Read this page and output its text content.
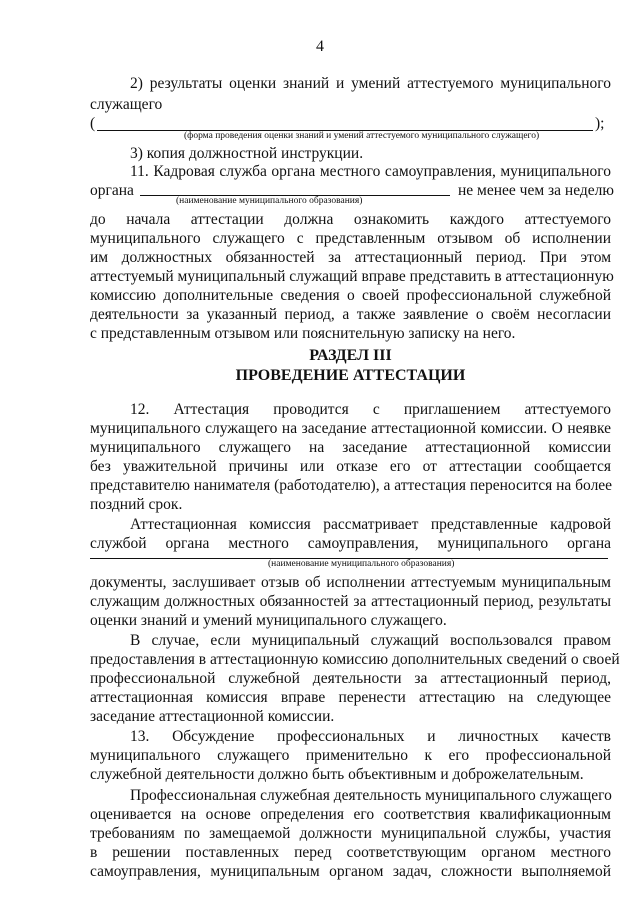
4
2) результаты оценки знаний и умений аттестуемого муниципального
служащего
(	);
(форма проведения оценки знаний и умений аттестуемого муниципального служащего)
3) копия должностной инструкции.
11. Кадровая служба органа местного самоуправления, муниципального
органа	не менее чем за неделю
(наименование муниципального образования)
до начала аттестации должна ознакомить каждого аттестуемого
муниципального служащего с представленным отзывом об исполнении
им должностных обязанностей за аттестационный период. При этом
аттестуемый муниципальный служащий вправе представить в аттестационную
комиссию дополнительные сведения о своей профессиональной служебной
деятельности за указанный период, а также заявление о своём несогласии
с представленным отзывом или пояснительную записку на него.
РАЗДЕЛ III
ПРОВЕДЕНИЕ АТТЕСТАЦИИ
12. Аттестация проводится с приглашением аттестуемого
муниципального служащего на заседание аттестационной комиссии. О неявке
муниципального служащего на заседание аттестационной комиссии
без уважительной причины или отказе его от аттестации сообщается
представителю нанимателя (работодателю), а аттестация переносится на более
поздний срок.
Аттестационная комиссия рассматривает представленные кадровой
службой органа местного самоуправления, муниципального органа
(наименование муниципального образования)
документы, заслушивает отзыв об исполнении аттестуемым муниципальным
служащим должностных обязанностей за аттестационный период, результаты
оценки знаний и умений муниципального служащего.
В случае, если муниципальный служащий воспользовался правом
предоставления в аттестационную комиссию дополнительных сведений о своей
профессиональной служебной деятельности за аттестационный период,
аттестационная комиссия вправе перенести аттестацию на следующее
заседание аттестационной комиссии.
13. Обсуждение профессиональных и личностных качеств
муниципального служащего применительно к его профессиональной
служебной деятельности должно быть объективным и доброжелательным.
Профессиональная служебная деятельность муниципального служащего
оценивается на основе определения его соответствия квалификационным
требованиям по замещаемой должности муниципальной службы, участия
в решении поставленных перед соответствующим органом местного
самоуправления, муниципальным органом задач, сложности выполняемой
